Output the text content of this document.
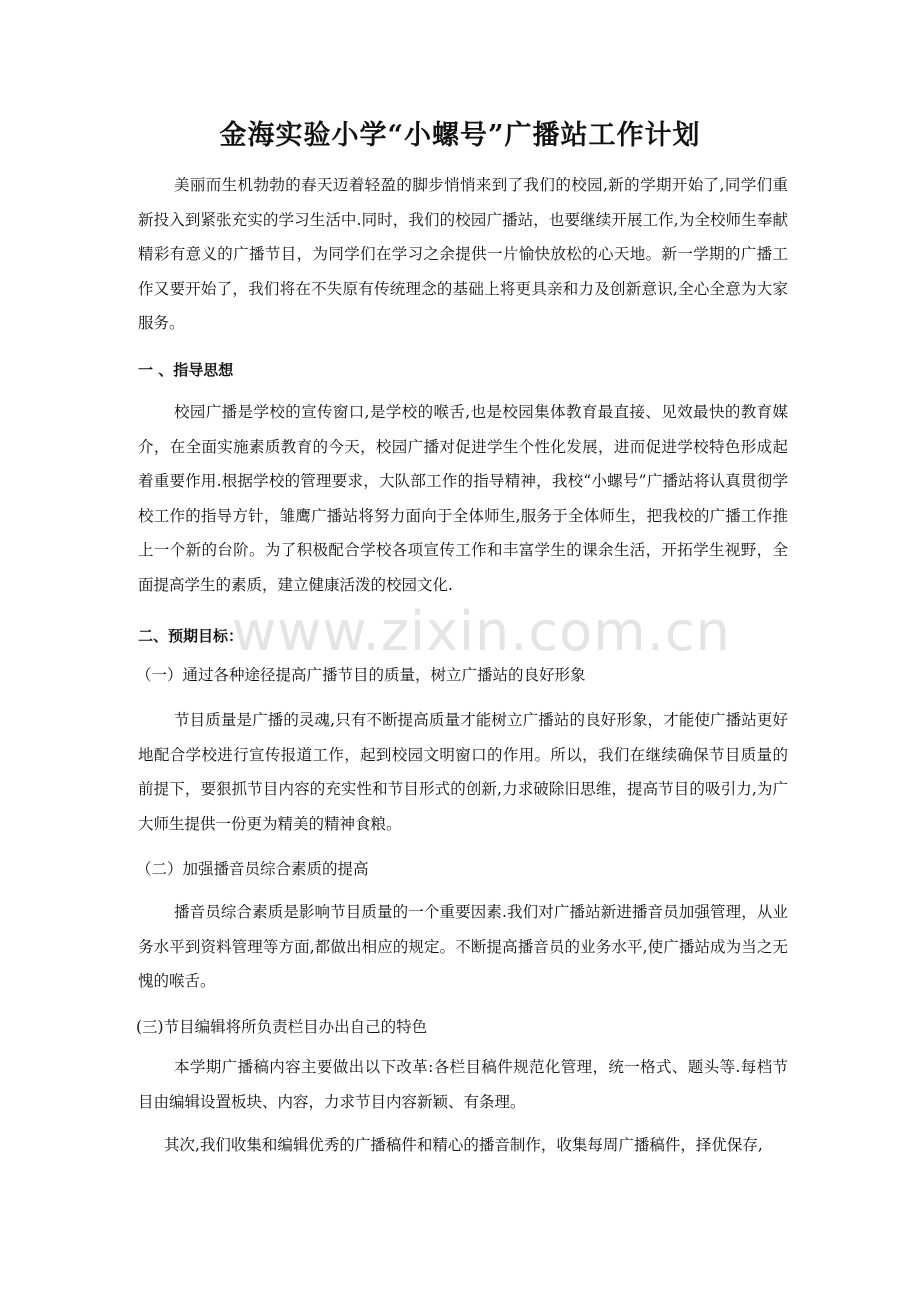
金海实验小学“小螺号”广播站工作计划

美丽而生机勃勃的春天迈着轻盈的脚步悄悄来到了我们的校园,新的学期开始了,同学们重新投入到紧张充实的学习生活中.同时，我们的校园广播站，也要继续开展工作,为全校师生奉献精彩有意义的广播节目，为同学们在学习之余提供一片愉快放松的心天地。新一学期的广播工作又要开始了，我们将在不失原有传统理念的基础上将更具亲和力及创新意识,全心全意为大家服务。

一 、指导思想

校园广播是学校的宣传窗口,是学校的喉舌,也是校园集体教育最直接、见效最快的教育媒介，在全面实施素质教育的今天，校园广播对促进学生个性化发展，进而促进学校特色形成起着重要作用.根据学校的管理要求，大队部工作的指导精神，我校“小螺号”广播站将认真贯彻学校工作的指导方针，雏鹰广播站将努力面向于全体师生,服务于全体师生，把我校的广播工作推上一个新的台阶。为了积极配合学校各项宣传工作和丰富学生的课余生活，开拓学生视野，全面提高学生的素质，建立健康活泼的校园文化.

二、预期目标：
（一）通过各种途径提高广播节目的质量，树立广播站的良好形象

节目质量是广播的灵魂,只有不断提高质量才能树立广播站的良好形象，才能使广播站更好地配合学校进行宣传报道工作，起到校园文明窗口的作用。所以，我们在继续确保节目质量的前提下，要狠抓节目内容的充实性和节目形式的创新,力求破除旧思维，提高节目的吸引力,为广大师生提供一份更为精美的精神食粮。

（二）加强播音员综合素质的提高

播音员综合素质是影响节目质量的一个重要因素.我们对广播站新进播音员加强管理，从业务水平到资料管理等方面,都做出相应的规定。不断提高播音员的业务水平,使广播站成为当之无愧的喉舌。

(三)节目编辑将所负责栏目办出自己的特色

本学期广播稿内容主要做出以下改革:各栏目稿件规范化管理，统一格式、题头等.每档节目由编辑设置板块、内容，力求节目内容新颖、有条理。

其次,我们收集和编辑优秀的广播稿件和精心的播音制作，收集每周广播稿件，择优保存,

www.zixin.com.cn
